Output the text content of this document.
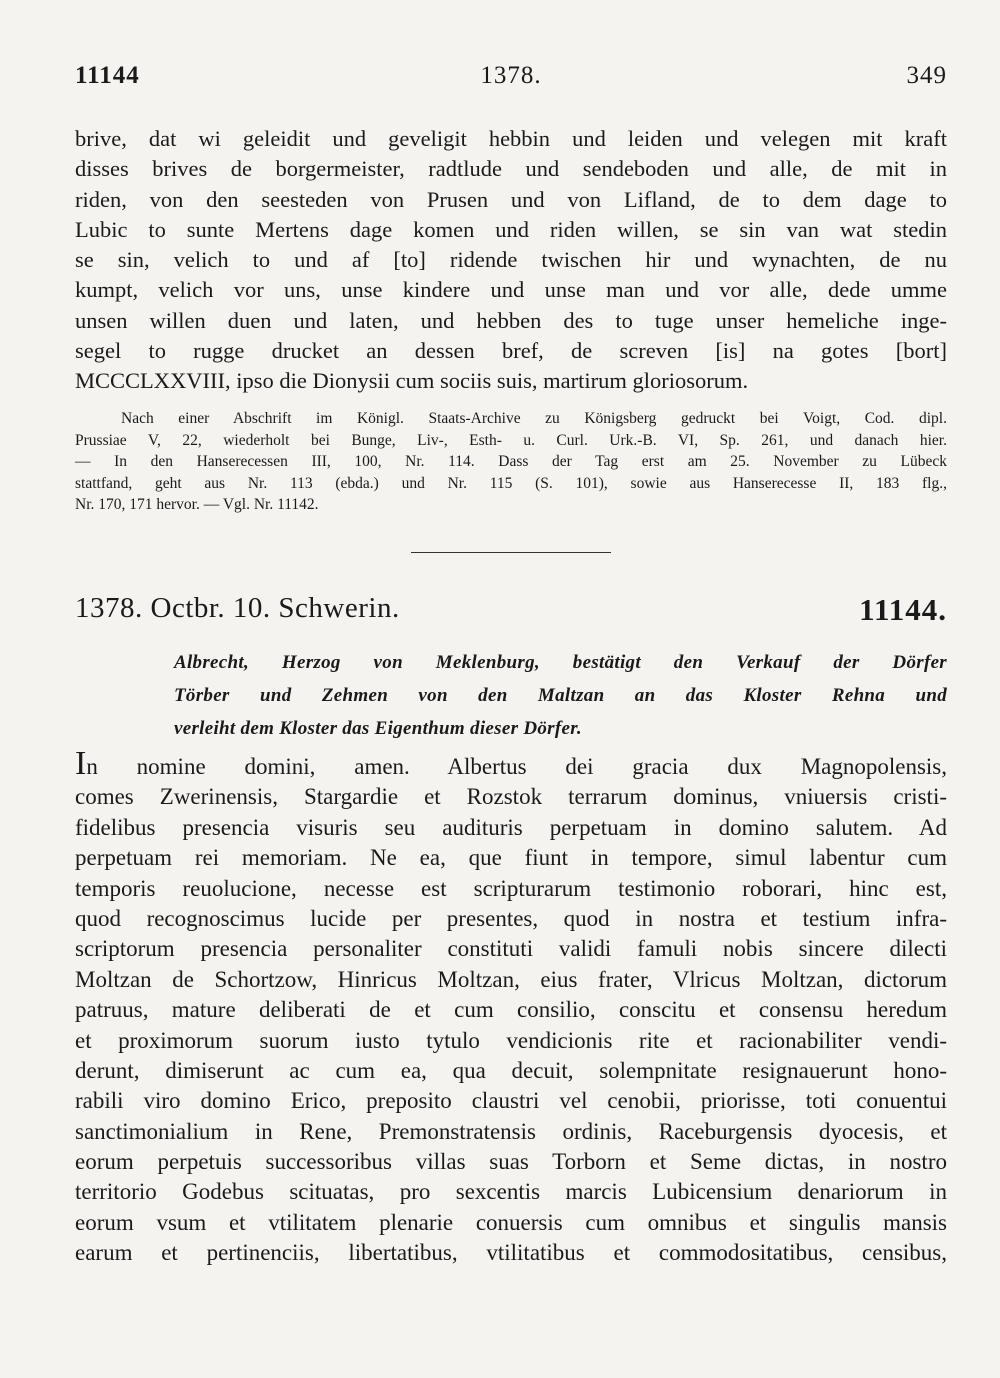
11144	1378.	349
brive, dat wi geleidit und geveligit hebbin und leiden und velegen mit kraft
disses brives de borgermeister, radtlude und sendeboden und alle, de mit in
riden, von den seesteden von Prusen und von Lifland, de to dem dage to
Lubic to sunte Mertens dage komen und riden willen, se sin van wat stedin
se sin, velich to und af [to] ridende twischen hir und wynachten, de nu
kumpt, velich vor uns, unse kindere und unse man und vor alle, dede umme
unsen willen duen und laten, und hebben des to tuge unser hemeliche inge-
segel to rugge drucket an dessen bref, de screven [is] na gotes [bort]
MCCCLXXVIII, ipso die Dionysii cum sociis suis, martirum gloriosorum.
Nach einer Abschrift im Königl. Staats-Archive zu Königsberg gedruckt bei Voigt, Cod. dipl.
Prussiae V, 22, wiederholt bei Bunge, Liv-, Esth- u. Curl. Urk.-B. VI, Sp. 261, und danach hier.
— In den Hanserecessen III, 100, Nr. 114. Dass der Tag erst am 25. November zu Lübeck
stattfand, geht aus Nr. 113 (ebda.) und Nr. 115 (S. 101), sowie aus Hanserecesse II, 183 flg.,
Nr. 170, 171 hervor. — Vgl. Nr. 11142.
1378. Octbr. 10. Schwerin.	11144.
Albrecht, Herzog von Meklenburg, bestätigt den Verkauf der Dörfer
Törber und Zehmen von den Maltzan an das Kloster Rehna und
verleiht dem Kloster das Eigenthum dieser Dörfer.
In nomine domini, amen. Albertus dei gracia dux Magnopolensis,
comes Zwerinensis, Stargardie et Rozstok terrarum dominus, vniuersis cristi-
fidelibus presencia visuris seu audituris perpetuam in domino salutem. Ad
perpetuam rei memoriam. Ne ea, que fiunt in tempore, simul labentur cum
temporis reuolucione, necesse est scripturarum testimonio roborari, hinc est,
quod recognoscimus lucide per presentes, quod in nostra et testium infra-
scriptorum presencia personaliter constituti validi famuli nobis sincere dilecti
Moltzan de Schortzow, Hinricus Moltzan, eius frater, Vlricus Moltzan, dictorum
patruus, mature deliberati de et cum consilio, conscitu et consensu heredum
et proximorum suorum iusto tytulo vendicionis rite et racionabiliter vendi-
derunt, dimiserunt ac cum ea, qua decuit, solempnitate resignauerunt hono-
rabili viro domino Erico, preposito claustri vel cenobii, priorisse, toti conuentui
sanctimonialium in Rene, Premonstratensis ordinis, Raceburgensis dyocesis, et
eorum perpetuis successoribus villas suas Torborn et Seme dictas, in nostro
territorio Godebus scituatas, pro sexcentis marcis Lubicensium denariorum in
eorum vsum et vtilitatem plenarie conuersis cum omnibus et singulis mansis
earum et pertinenciis, libertatibus, vtilitatibus et commodositatibus, censibus,
